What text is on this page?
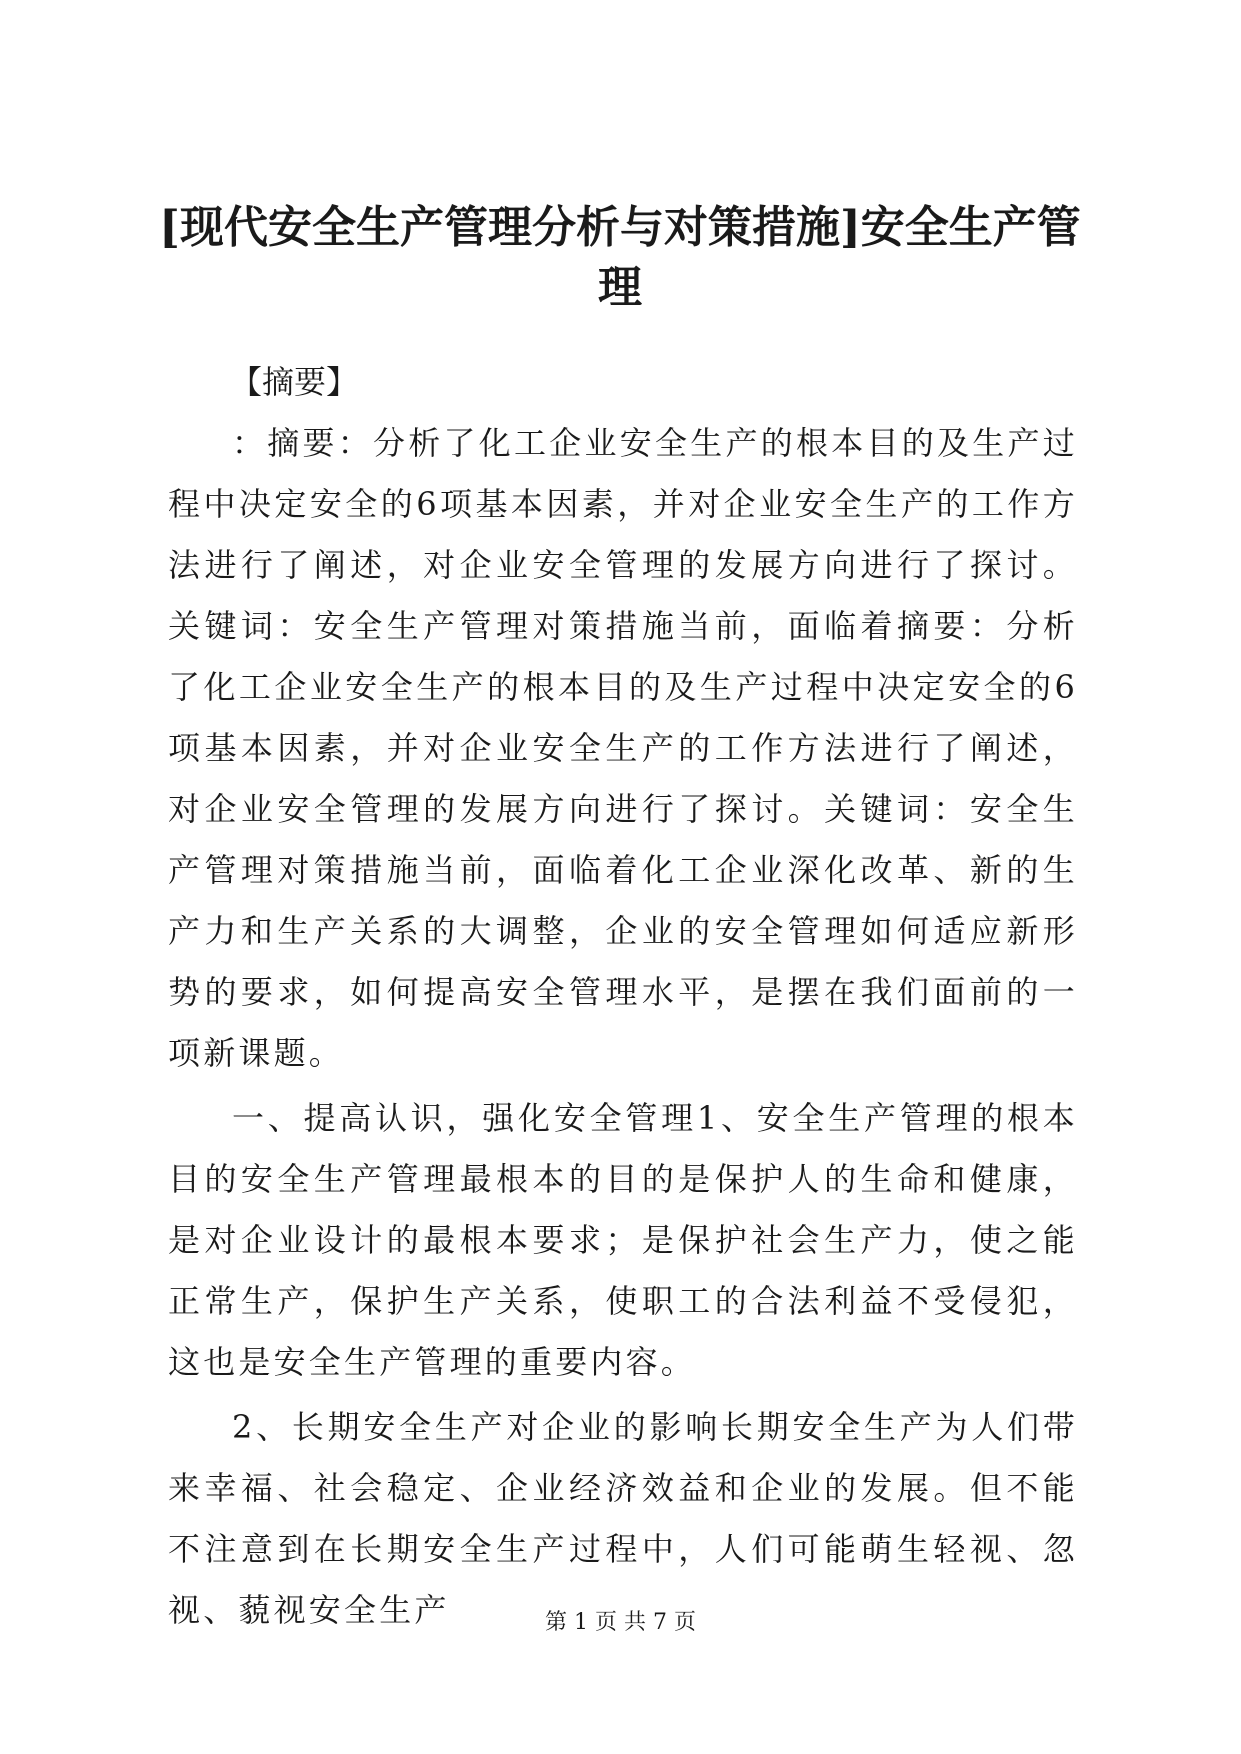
[现代安全生产管理分析与对策措施]安全生产管理

【摘要】

：摘要：分析了化工企业安全生产的根本目的及生产过程中决定安全的6项基本因素，并对企业安全生产的工作方法进行了阐述，对企业安全管理的发展方向进行了探讨。关键词：安全生产管理对策措施当前，面临着摘要：分析了化工企业安全生产的根本目的及生产过程中决定安全的6项基本因素，并对企业安全生产的工作方法进行了阐述，对企业安全管理的发展方向进行了探讨。关键词：安全生产管理对策措施当前，面临着化工企业深化改革、新的生产力和生产关系的大调整，企业的安全管理如何适应新形势的要求，如何提高安全管理水平，是摆在我们面前的一项新课题。

一、提高认识，强化安全管理1、安全生产管理的根本目的安全生产管理最根本的目的是保护人的生命和健康，是对企业设计的最根本要求；是保护社会生产力，使之能正常生产，保护生产关系，使职工的合法利益不受侵犯，这也是安全生产管理的重要内容。

2、长期安全生产对企业的影响长期安全生产为人们带来幸福、社会稳定、企业经济效益和企业的发展。但不能不注意到在长期安全生产过程中，人们可能萌生轻视、忽视、藐视安全生产	第 1 页 共 7 页
